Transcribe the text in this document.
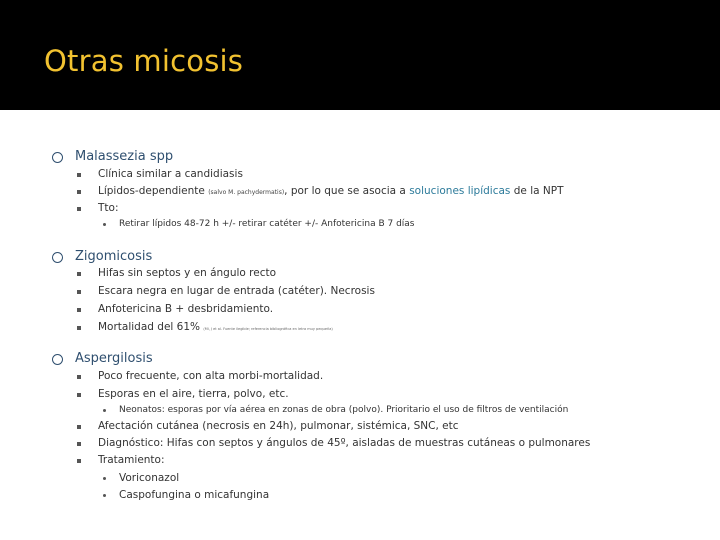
Otras micosis
Malassezia spp
Clínica similar a candidiasis
Lípidos-dependiente (salvo M. pachydermatis), por lo que se asocia a soluciones lipídicas de la NPT
Tto:
Retirar lípidos 48-72 h +/- retirar catéter +/- Anfotericina B 7 días
Zigomicosis
Hifas sin septos y en ángulo recto
Escara negra en lugar de entrada (catéter). Necrosis
Anfotericina B + desbridamiento.
Mortalidad del 61% (Mi, J et al. Fuente ilegible; referencia bibliográfica en letra muy pequeña)
Aspergilosis
Poco frecuente, con alta morbi-mortalidad.
Esporas en el aire, tierra, polvo, etc.
Neonatos: esporas por vía aérea en zonas de obra (polvo). Prioritario el uso de filtros de ventilación
Afectación cutánea (necrosis en 24h), pulmonar, sistémica, SNC, etc
Diagnóstico: Hifas con septos y ángulos de 45º, aisladas de muestras cutáneas o pulmonares
Tratamiento:
Voriconazol
Caspofungina o micafungina
